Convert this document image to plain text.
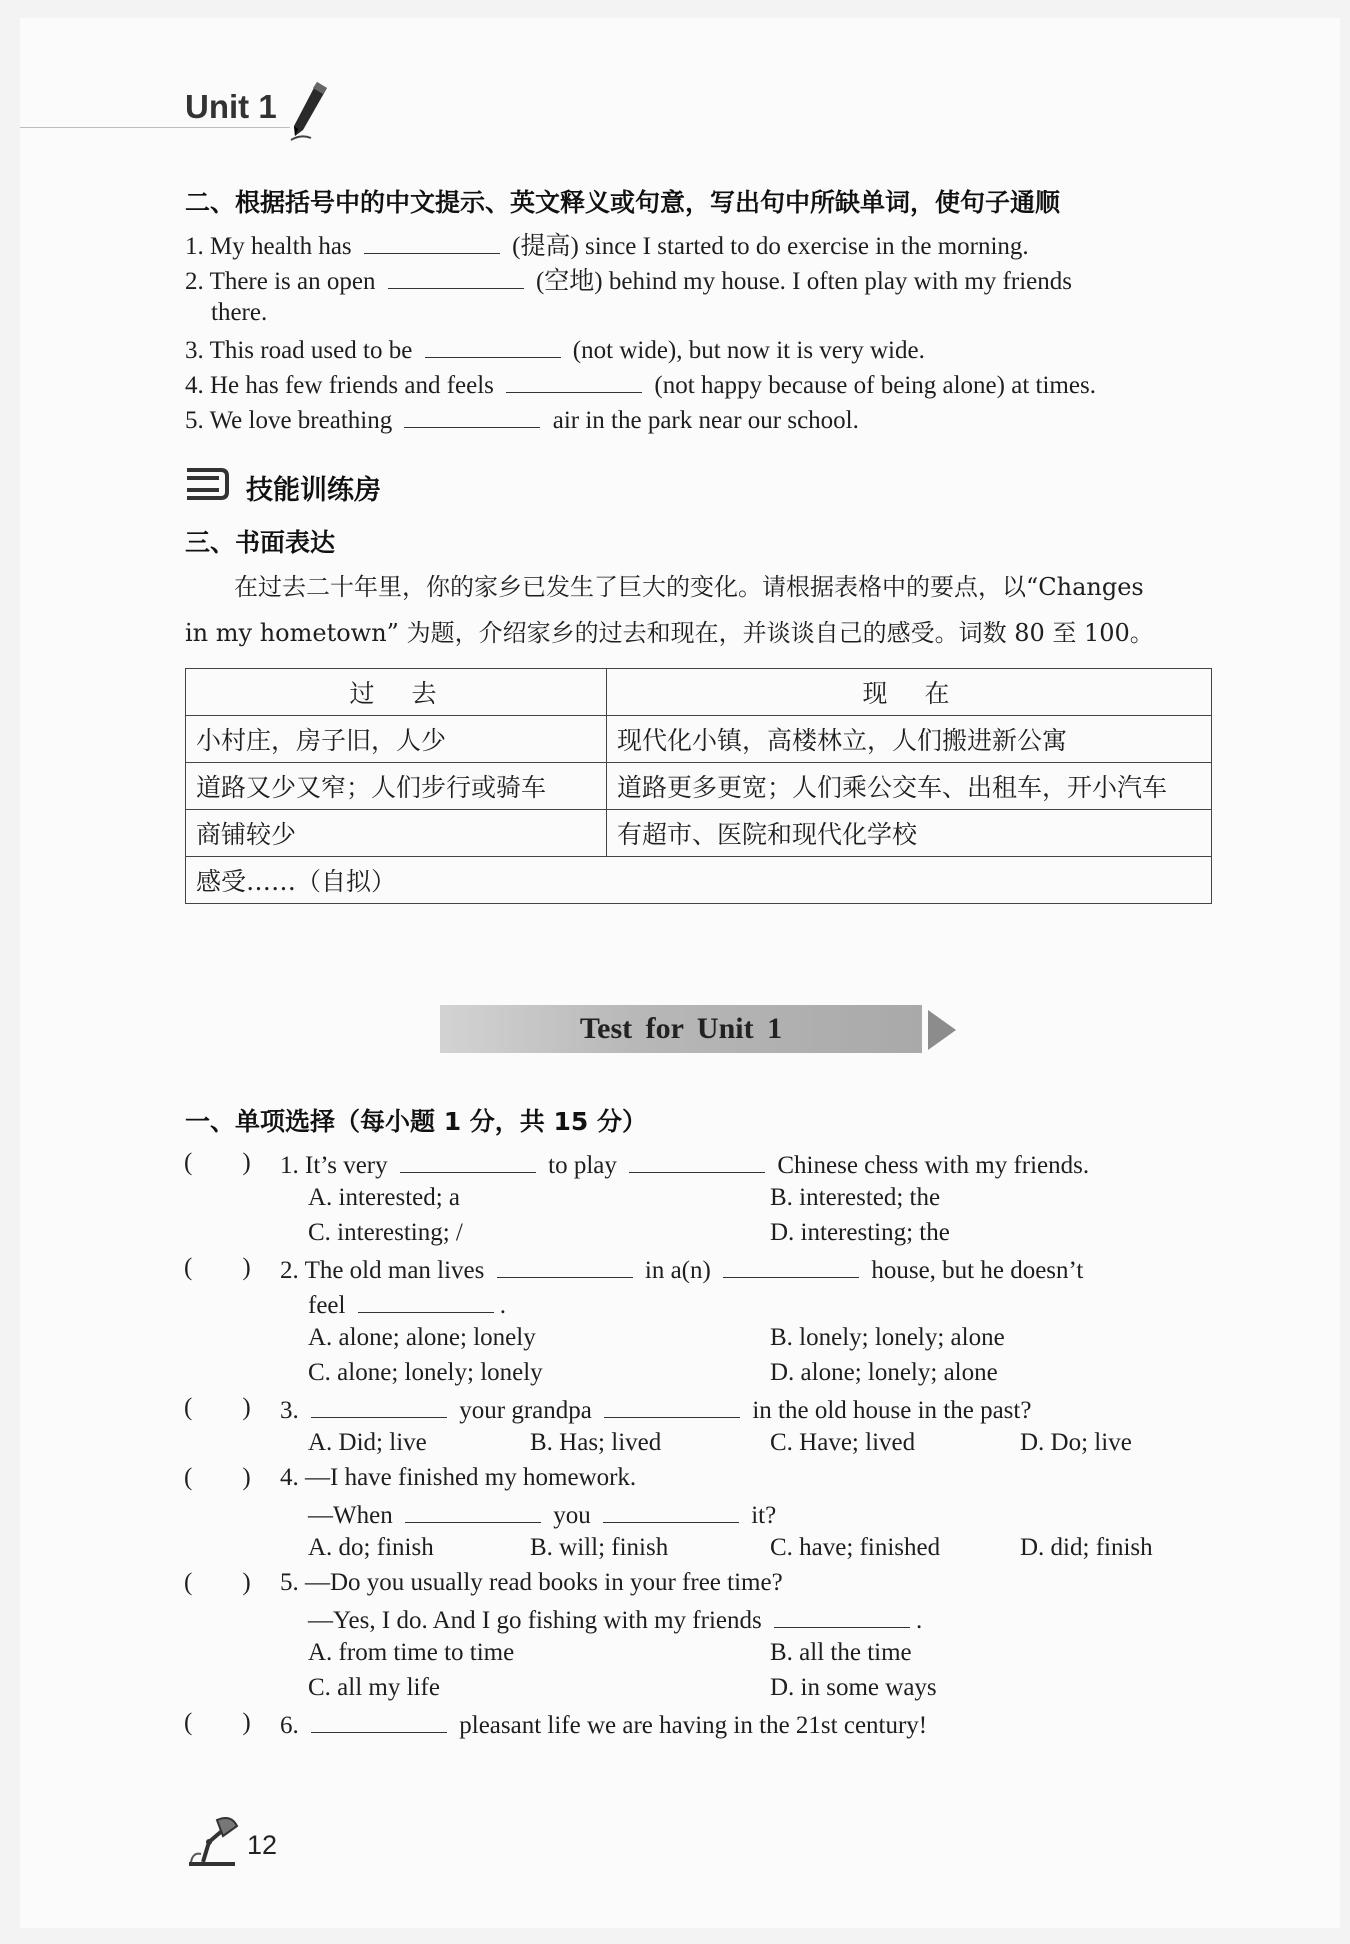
Unit 1
二、根据括号中的中文提示、英文释义或句意，写出句中所缺单词，使句子通顺
1. My health has	(提高) since I started to do exercise in the morning.
2. There is an open	(空地) behind my house. I often play with my friends
there.
3. This road used to be	(not wide), but now it is very wide.
4. He has few friends and feels	(not happy because of being alone) at times.
5. We love breathing	air in the park near our school.
技能训练房
三、书面表达
在过去二十年里，你的家乡已发生了巨大的变化。请根据表格中的要点，以“Changes
in my hometown” 为题，介绍家乡的过去和现在，并谈谈自己的感受。词数 80 至 100。
过　去	现　在
小村庄，房子旧，人少	现代化小镇，高楼林立，人们搬进新公寓
道路又少又窄；人们步行或骑车	道路更多更宽；人们乘公交车、出租车，开小汽车
商铺较少	有超市、医院和现代化学校
感受……（自拟）	
Test for Unit 1
一、单项选择（每小题 1 分，共 15 分）
(　　) 1. It’s very	to play	Chinese chess with my friends.
A. interested; a	B. interested; the
C. interesting; /	D. interesting; the
(　　) 2. The old man lives	in a(n)	house, but he doesn’t
feel	.
A. alone; alone; lonely	B. lonely; lonely; alone
C. alone; lonely; lonely	D. alone; lonely; alone
(　　) 3.	your grandpa	in the old house in the past?
A. Did; live	B. Has; lived	C. Have; lived	D. Do; live
(　　) 4. —I have finished my homework.
—When	you	it?
A. do; finish	B. will; finish	C. have; finished	D. did; finish
(　　) 5. —Do you usually read books in your free time?
—Yes, I do. And I go fishing with my friends	.
A. from time to time	B. all the time
C. all my life	D. in some ways
(　　) 6.	pleasant life we are having in the 21st century!
12
